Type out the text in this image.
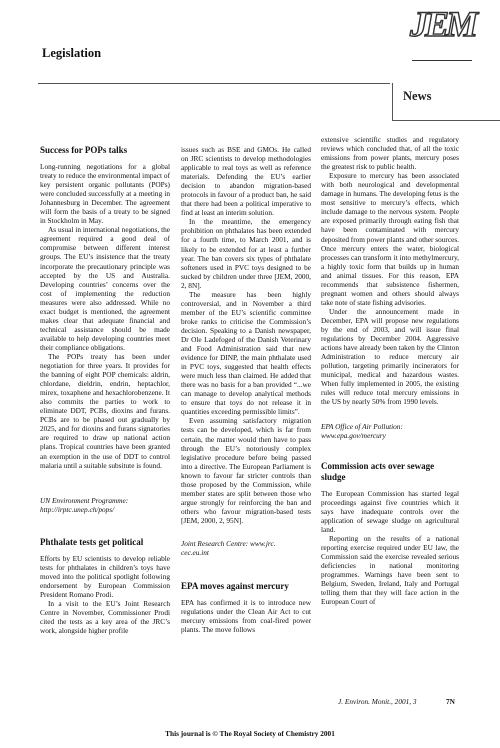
Legislation
JEM
News
Success for POPs talks

Long-running negotiations for a global treaty to reduce the environmental impact of key persistent organic pollutants (POPs) were concluded successfully at a meeting in Johannesburg in December. The agreement will form the basis of a treaty to be signed in Stockholm in May.

As usual in international negotiations, the agreement required a good deal of compromise between different interest groups. The EU’s insistence that the treaty incorporate the precautionary principle was accepted by the US and Australia. Developing countries’ concerns over the cost of implementing the reduction measures were also addressed. While no exact budget is mentioned, the agreement makes clear that adequate financial and technical assistance should be made available to help developing countries meet their compliance obligations.

The POPs treaty has been under negotiation for three years. It provides for the banning of eight POP chemicals: aldrin, chlordane, dieldrin, endrin, heptachlor, mirex, toxaphene and hexachlorobenzene. It also commits the parties to work to eliminate DDT, PCBs, dioxins and furans. PCBs are to be phased out gradually by 2025, and for dioxins and furans signatories are required to draw up national action plans. Tropical countries have been granted an exemption in the use of DDT to control malaria until a suitable subsitute is found.

UN Environment Programme:

http://irptc.unep.ch/pops/

Phthalate tests get political

Efforts by EU scientists to develop reliable tests for phthalates in children’s toys have moved into the political spotlight following endorsement by European Commission President Romano Prodi.

In a visit to the EU’s Joint Research Centre in November, Commissioner Prodi cited the tests as a key area of the JRC’s work, alongside higher profile

issues such as BSE and GMOs. He called on JRC scientists to develop methodologies applicable to real toys as well as reference materials. Defending the EU’s earlier decision to abandon migration-based protocols in favour of a product ban, he said that there had been a political imperative to find at least an interim solution.

In the meantime, the emergency prohibition on phthalates has been extended for a fourth time, to March 2001, and is likely to be extended for at least a further year. The ban covers six types of phthalate softeners used in PVC toys designed to be sucked by children under three [JEM, 2000, 2, 8N].

The measure has been highly controversial, and in November a third member of the EU’s scientific committee broke ranks to criticise the Commission’s decision. Speaking to a Danish newspaper, Dr Ole Ladefoged of the Danish Veterinary and Food Administration said that new evidence for DINP, the main phthalate used in PVC toys, suggested that health effects were much less than claimed. He added that there was no basis for a ban provided “...we can manage to develop analytical methods to ensure that toys do not release it in quantities exceeding permissible limits”.

Even assuming satisfactory migration tests can be developed, which is far from certain, the matter would then have to pass through the EU’s notoriously complex legislative procedure before being passed into a directive. The European Parliament is known to favour far stricter controls than those proposed by the Commission, while member states are split between those who argue strongly for reinforcing the ban and others who favour migration-based tests [JEM, 2000, 2, 95N].

Joint Research Centre: www.jrc.

cec.eu.int

EPA moves against mercury

EPA has confirmed it is to introduce new regulations under the Clean Air Act to cut mercury emissions from coal-fired power plants. The move follows

extensive scientific studies and regulatory reviews which concluded that, of all the toxic emissions from power plants, mercury poses the greatest risk to public health.

Exposure to mercury has been associated with both neurological and developmental damage in humans. The developing fetus is the most sensitive to mercury’s effects, which include damage to the nervous system. People are exposed primarily through eating fish that have been contaminated with mercury deposited from power plants and other sources. Once mercury enters the water, biological processes can transform it into methylmercury, a highly toxic form that builds up in human and animal tissues. For this reason, EPA recommends that subsistence fishermen, pregnant women and others should always take note of state fishing advisories.

Under the announcement made in December, EPA will propose new regulations by the end of 2003, and will issue final regulations by December 2004. Aggressive actions have already been taken by the Clinton Administration to reduce mercury air pollution, targeting primarily incinerators for municipal, medical and hazardous wastes. When fully implemented in 2005, the existing rules will reduce total mercury emissions in the US by nearly 50% from 1990 levels.

EPA Office of Air Pollution:

www.epa.gov/mercury

Commission acts over sewage sludge

The European Commission has started legal proceedings against five countries which it says have inadequate controls over the application of sewage sludge on agricultural land.

Reporting on the results of a national reporting exercise required under EU law, the Commission said the exercise revealed serious deficiencies in national monitoring programmes. Warnings have been sent to Belgium, Sweden, Ireland, Italy and Portugal telling them that they will face action in the European Court of

J. Environ. Monit., 2001, 3	7N
This journal is © The Royal Society of Chemistry 2001
